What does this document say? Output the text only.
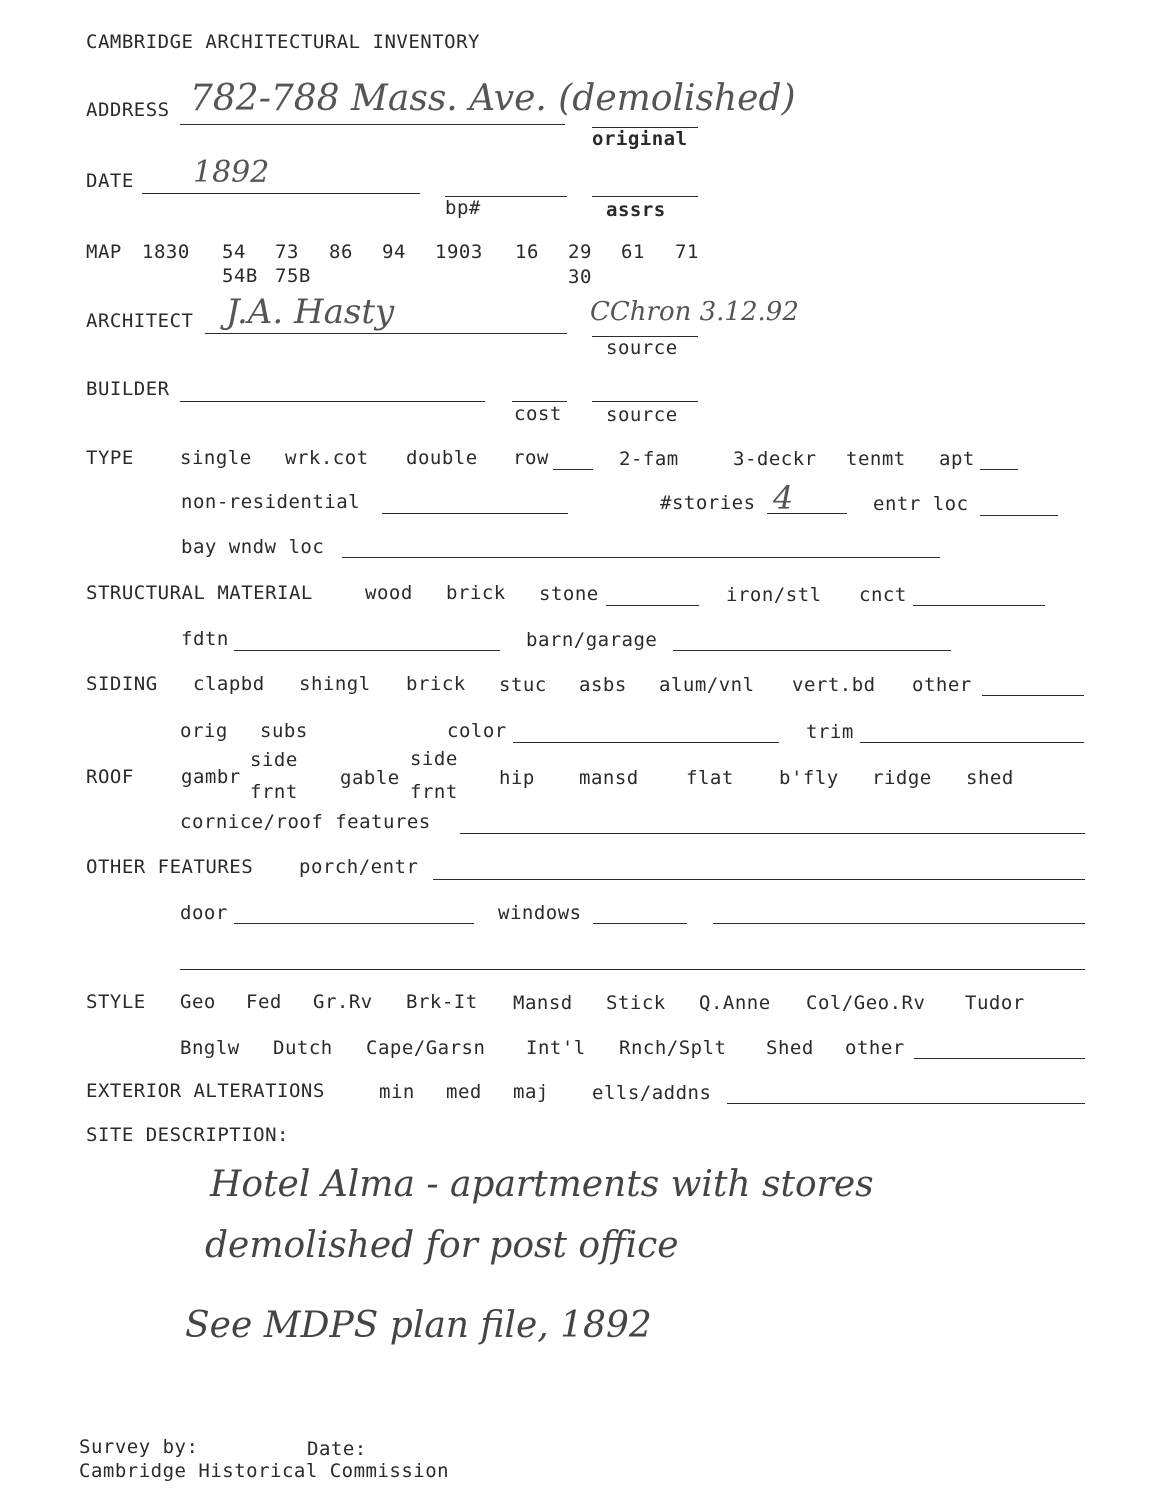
CAMBRIDGE ARCHITECTURAL INVENTORY
ADDRESS 782-788 Mass. Ave. (demolished)
original
DATE 1892
bp#	assrs
MAP 1830 54 73 86 94 1903 16 29 61 71
54B 75B	30
ARCHITECT J.A. Hasty	CChron 3.12.92
source
BUILDER
cost source
TYPE single wrk.cot double row	2-fam	3-deckr tenmt apt
non-residential	#stories 4	entr loc
bay wndw loc
STRUCTURAL MATERIAL	wood brick stone	iron/stl cnct
fdtn	barn/garage
SIDING clapbd shingl brick stuc asbs alum/vnl vert.bd other
orig subs	color	trim
ROOF gambr
side
frnt
gable
side
frnt
hip mansd flat b'fly ridge shed
cornice/roof features
OTHER FEATURES porch/entr
door	windows
STYLE Geo Fed Gr.Rv Brk-It Mansd Stick Q.Anne Col/Geo.Rv Tudor
Bnglw Dutch Cape/Garsn Int'l Rnch/Splt Shed other
EXTERIOR ALTERATIONS	min med maj ells/addns
SITE DESCRIPTION:
Hotel Alma - apartments with stores
demolished for post office
See MDPS plan file, 1892
Survey by:	Date:
Cambridge Historical Commission
